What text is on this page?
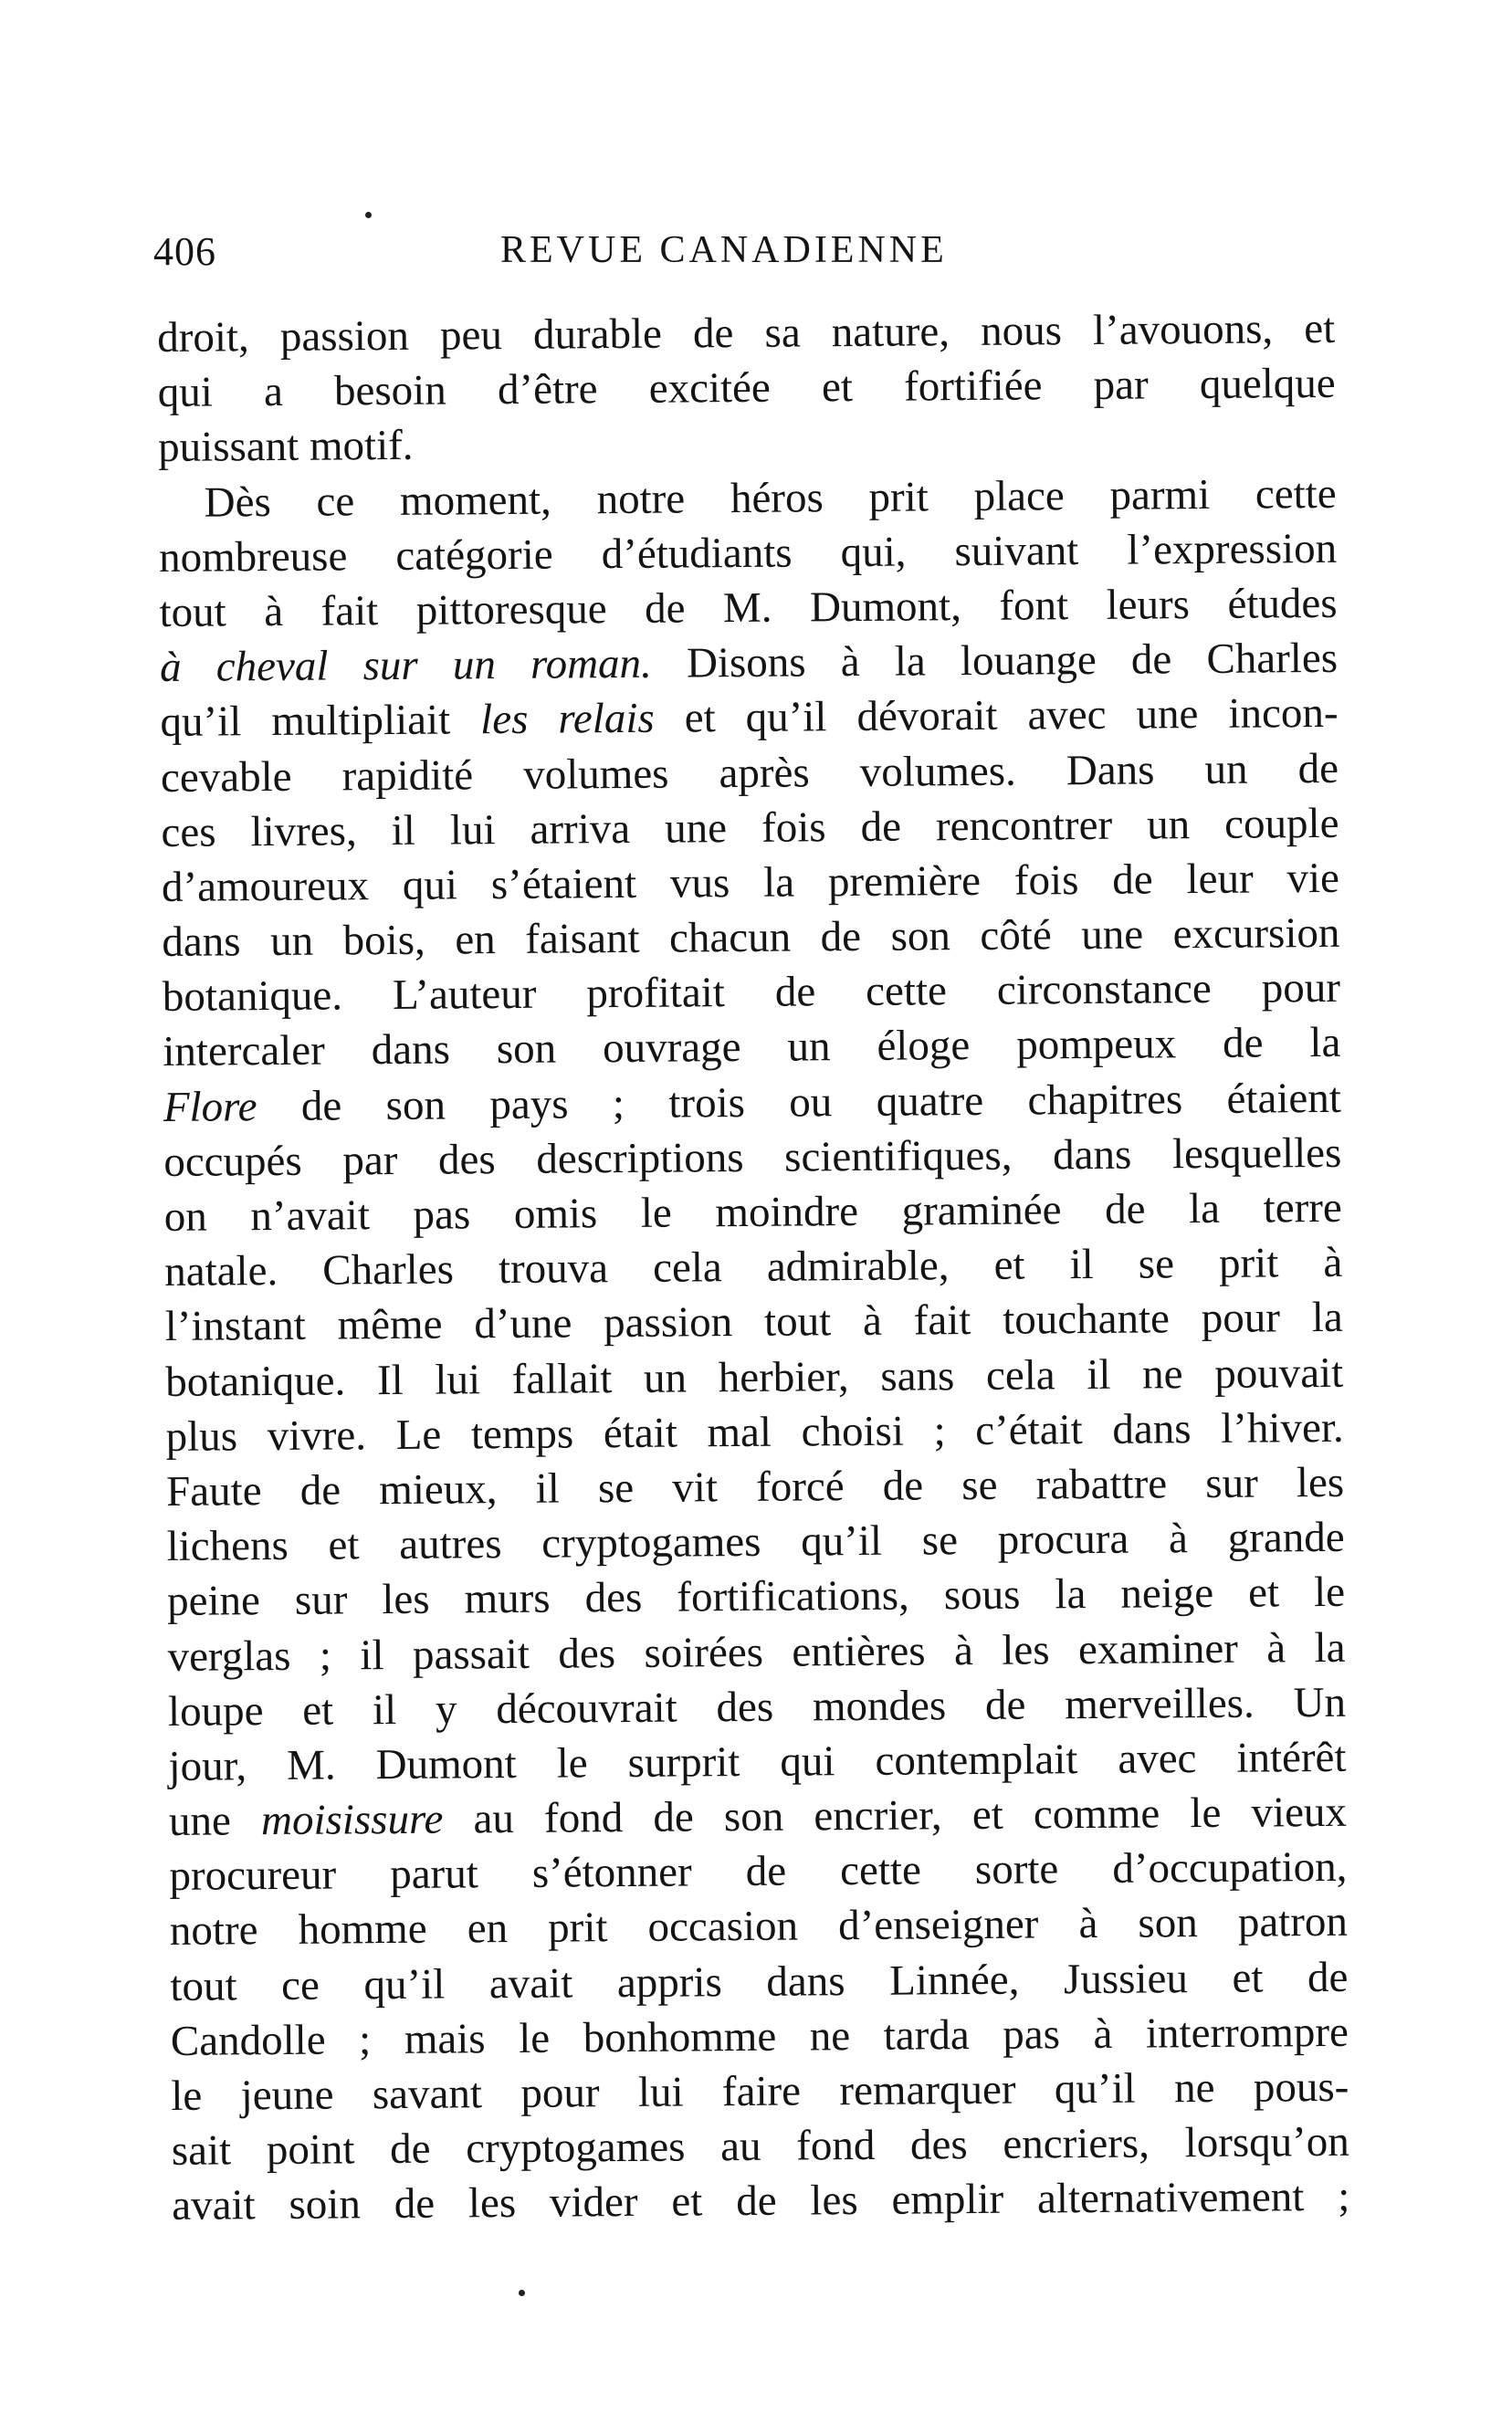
406	REVUE CANADIENNE
droit, passion peu durable de sa nature, nous l’avouons, et
qui a besoin d’être excitée et fortifiée par quelque
puissant motif.
Dès ce moment, notre héros prit place parmi cette
nombreuse catégorie d’étudiants qui, suivant l’expression
tout à fait pittoresque de M. Dumont, font leurs études
à cheval sur un roman. Disons à la louange de Charles
qu’il multipliait les relais et qu’il dévorait avec une incon-
cevable rapidité volumes après volumes. Dans un de
ces livres, il lui arriva une fois de rencontrer un couple
d’amoureux qui s’étaient vus la première fois de leur vie
dans un bois, en faisant chacun de son côté une excursion
botanique. L’auteur profitait de cette circonstance pour
intercaler dans son ouvrage un éloge pompeux de la
Flore de son pays ; trois ou quatre chapitres étaient
occupés par des descriptions scientifiques, dans lesquelles
on n’avait pas omis le moindre graminée de la terre
natale. Charles trouva cela admirable, et il se prit à
l’instant même d’une passion tout à fait touchante pour la
botanique. Il lui fallait un herbier, sans cela il ne pouvait
plus vivre. Le temps était mal choisi ; c’était dans l’hiver.
Faute de mieux, il se vit forcé de se rabattre sur les
lichens et autres cryptogames qu’il se procura à grande
peine sur les murs des fortifications, sous la neige et le
verglas ; il passait des soirées entières à les examiner à la
loupe et il y découvrait des mondes de merveilles. Un
jour, M. Dumont le surprit qui contemplait avec intérêt
une moisissure au fond de son encrier, et comme le vieux
procureur parut s’étonner de cette sorte d’occupation,
notre homme en prit occasion d’enseigner à son patron
tout ce qu’il avait appris dans Linnée, Jussieu et de
Candolle ; mais le bonhomme ne tarda pas à interrompre
le jeune savant pour lui faire remarquer qu’il ne pous-
sait point de cryptogames au fond des encriers, lorsqu’on
avait soin de les vider et de les emplir alternativement ;
